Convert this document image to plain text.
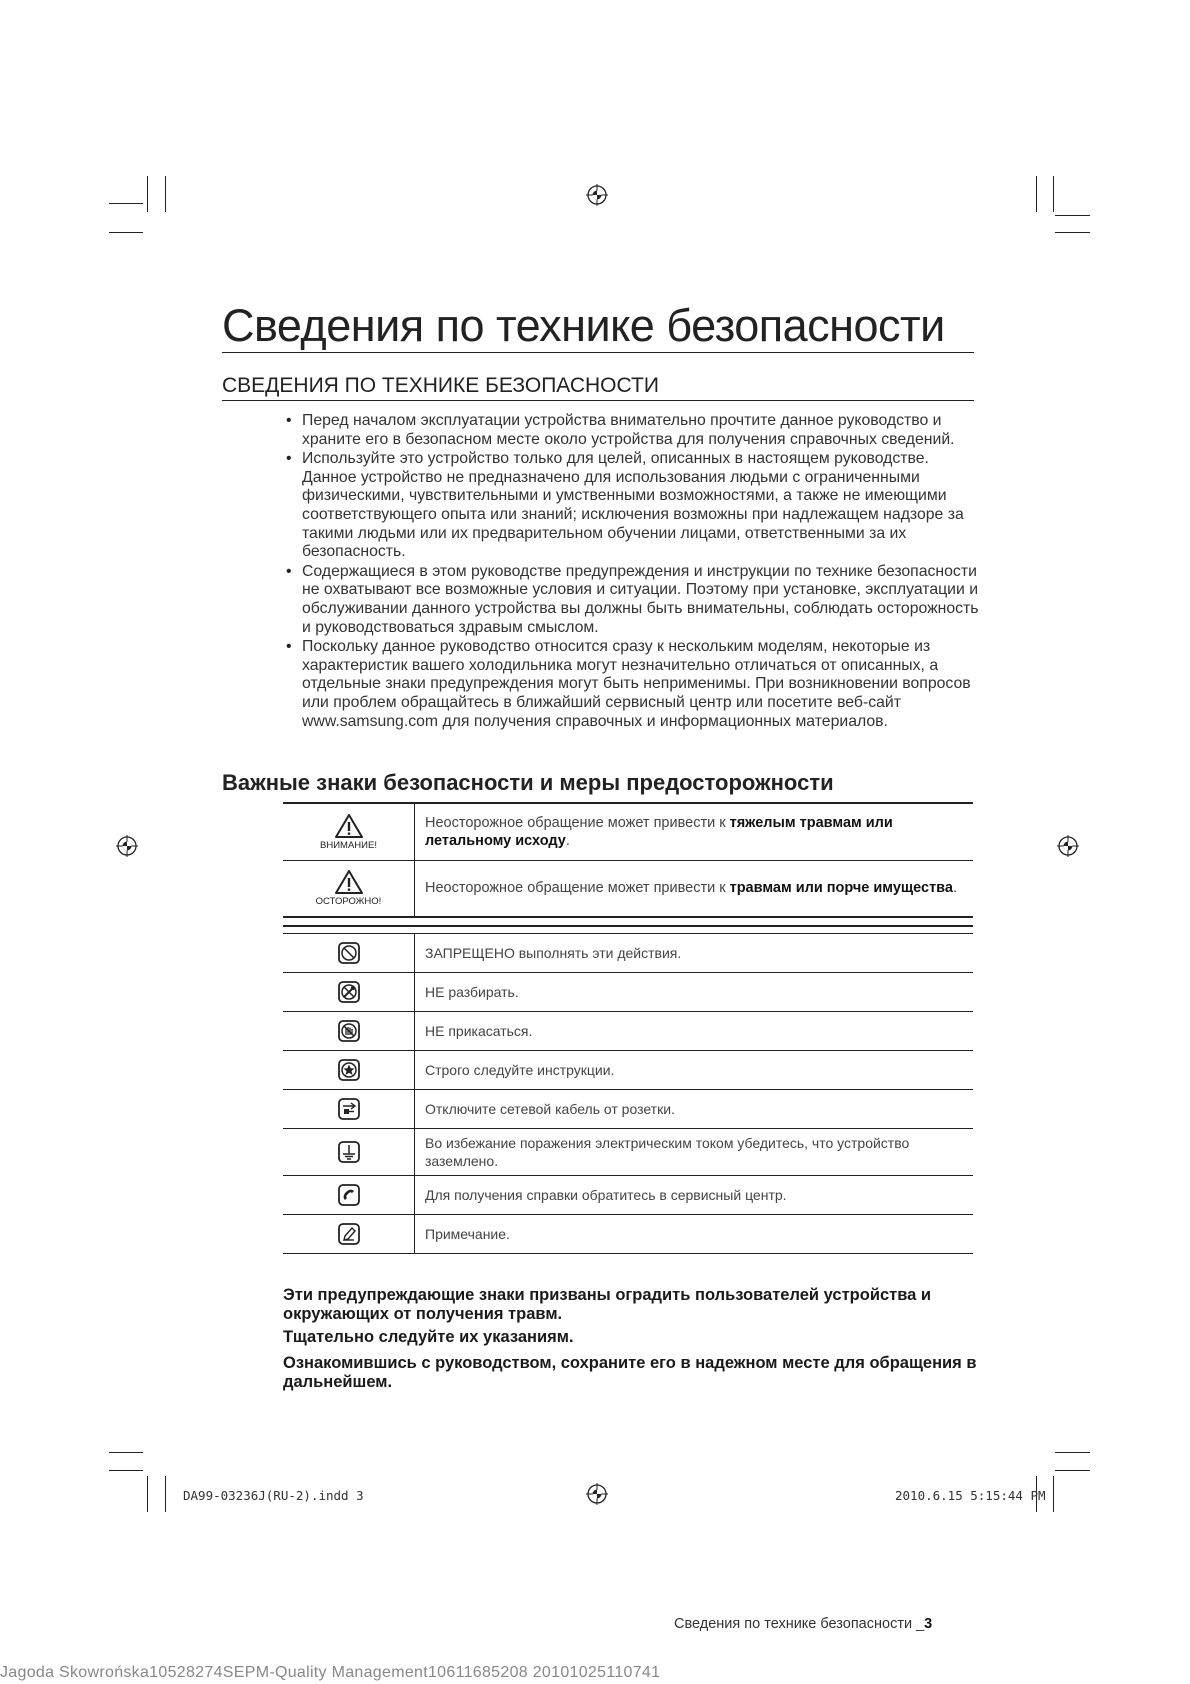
Сведения по технике безопасности
СВЕДЕНИЯ ПО ТЕХНИКЕ БЕЗОПАСНОСТИ
• Перед началом эксплуатации устройства внимательно прочтите данное руководство и храните его в безопасном месте около устройства для получения справочных сведений.
• Используйте это устройство только для целей, описанных в настоящем руководстве. Данное устройство не предназначено для использования людьми с ограниченными физическими, чувствительными и умственными возможностями, а также не имеющими соответствующего опыта или знаний; исключения возможны при надлежащем надзоре за такими людьми или их предварительном обучении лицами, ответственными за их безопасность.
• Содержащиеся в этом руководстве предупреждения и инструкции по технике безопасности не охватывают все возможные условия и ситуации. Поэтому при установке, эксплуатации и обслуживании данного устройства вы должны быть внимательны, соблюдать осторожность и руководствоваться здравым смыслом.
• Поскольку данное руководство относится сразу к нескольким моделям, некоторые из характеристик вашего холодильника могут незначительно отличаться от описанных, а отдельные знаки предупреждения могут быть неприменимы. При возникновении вопросов или проблем обращайтесь в ближайший сервисный центр или посетите веб-сайт www.samsung.com для получения справочных и информационных материалов.
Важные знаки безопасности и меры предосторожности
ВНИМАНИЕ!	Неосторожное обращение может привести к тяжелым травмам или летальному исходу.

ОСТОРОЖНО!	Неосторожное обращение может привести к травмам или порче имущества.
	ЗАПРЕЩЕНО выполнять эти действия.
	НЕ разбирать.
	НЕ прикасаться.
	Строго следуйте инструкции.
	Отключите сетевой кабель от розетки.
	Во избежание поражения электрическим током убедитесь, что устройство заземлено.
	Для получения справки обратитесь в сервисный центр.
	Примечание.
Эти предупреждающие знаки призваны оградить пользователей устройства и окружающих от получения травм.
Тщательно следуйте их указаниям.
Ознакомившись с руководством, сохраните его в надежном месте для обращения в дальнейшем.
Сведения по технике безопасности _3
DA99-03236J(RU-2).indd 3	2010.6.15 5:15:44 PM
Jagoda Skowrońska10528274SEPM-Quality Management10611685208 20101025110741
